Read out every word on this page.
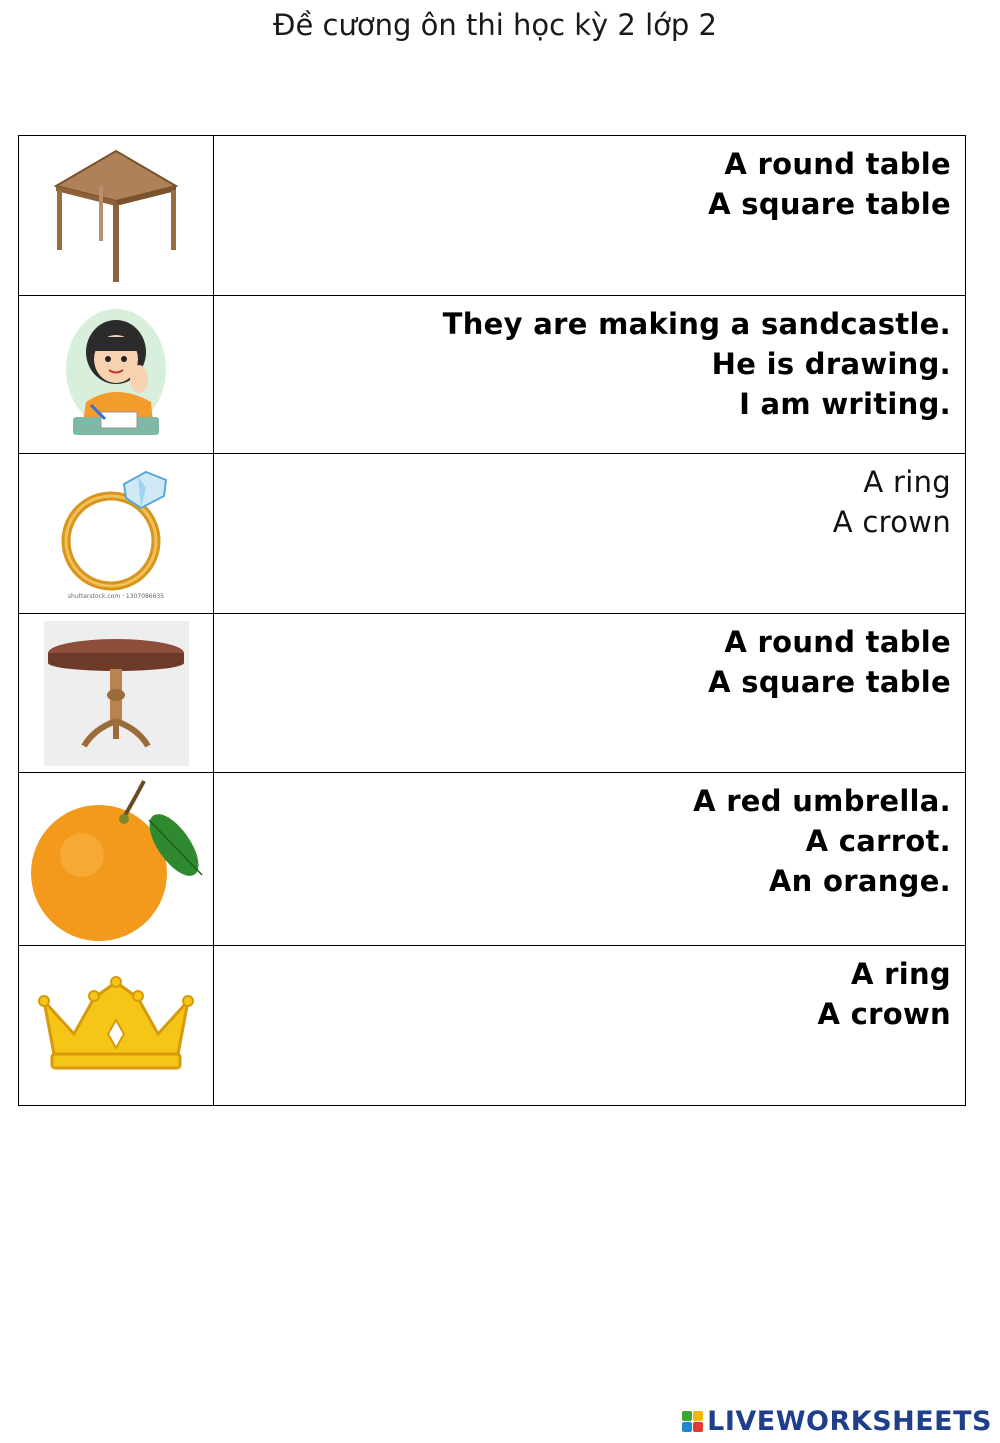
Đề cương ôn thi học kỳ 2 lớp 2

A round table
A square table

They are making a sandcastle.
He is drawing.
I am writing.

shutterstock.com · 1307086635	A ring
A crown

A round table
A square table

A red umbrella.
A carrot.
An orange.

A ring
A crown
LIVEWORKSHEETS
